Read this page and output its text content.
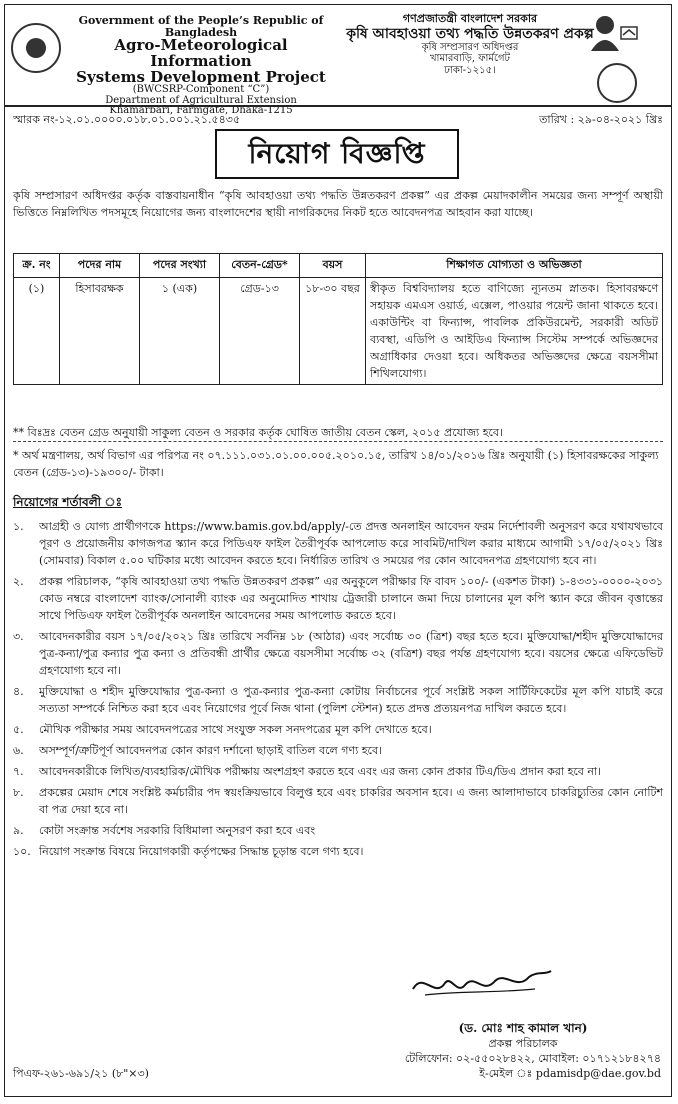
Government of the People’s Republic of Bangladesh
Agro-Meteorological Information
Systems Development Project
(BWCSRP-Component “C”)
Department of Agricultural Extension
Khamarbari, Farmgate, Dhaka-1215
গণপ্রজাতন্ত্রী বাংলাদেশ সরকার
কৃষি আবহাওয়া তথ্য পদ্ধতি উন্নতকরণ প্রকল্প
কৃষি সম্প্রসারণ অধিদপ্তর
খামারবাড়ি, ফার্মগেট
ঢাকা-১২১৫।
স্মারক নং-১২.০১.০০০০.০১৮.০১.০০১.২১.৫৪৩৫	তারিখ : ২৯-০৪-২০২১ খ্রিঃ
নিয়োগ বিজ্ঞপ্তি
কৃষি সম্প্রসারণ অধিদপ্তর কর্তৃক বাস্তবায়নাধীন “কৃষি আবহাওয়া তথ্য পদ্ধতি উন্নতকরণ প্রকল্প” এর প্রকল্প মেয়াদকালীন সময়ের জন্য সম্পূর্ণ অস্থায়ী ভিত্তিতে নিম্নলিখিত পদসমূহে নিয়োগের জন্য বাংলাদেশের স্থায়ী নাগরিকদের নিকট হতে আবেদনপত্র আহবান করা যাচ্ছে।
ক্র. নং	পদের নাম	পদের সংখ্যা	বেতন-গ্রেড*	বয়স	শিক্ষাগত যোগ্যতা ও অভিজ্ঞতা
(১)	হিসাবরক্ষক	১ (এক)	গ্রেড-১৩	১৮-৩০ বছর	স্বীকৃত বিশ্ববিদ্যালয় হতে বাণিজ্যে ন্যূনতম স্নাতক। হিসাবরক্ষণে সহায়ক এমএস ওয়ার্ড, এক্সেল, পাওয়ার পয়েন্ট জানা থাকতে হবে। একাউন্টিং বা ফিন্যান্স, পাবলিক প্রকিউরমেন্ট, সরকারী অডিট ব্যবস্থা, এডিপি ও আইডিএ ফিন্যান্স সিস্টেম সম্পর্কে অভিজ্ঞদের অগ্রাধিকার দেওয়া হবে। অধিকতর অভিজ্ঞদের ক্ষেত্রে বয়সসীমা শিথিলযোগ্য।
** বিঃদ্রঃ বেতন গ্রেড অনুযায়ী সাকুল্য বেতন ও সরকার কর্তৃক ঘোষিত জাতীয় বেতন স্কেল, ২০১৫ প্রযোজ্য হবে।
* অর্থ মন্ত্রণালয়, অর্থ বিভাগ এর পরিপত্র নং ০৭.১১১.০৩১.০১.০০.০০৫.২০১০.১৫, তারিখ ১৪/০১/২০১৬ খ্রিঃ অনুযায়ী (১) হিসাবরক্ষকের সাকুল্য বেতন (গ্রেড-১৩)-১৯৩০০/- টাকা।
নিয়োগের শর্তাবলী ঃ
১.	আগ্রহী ও যোগ্য প্রার্থীগণকে https://www.bamis.gov.bd/apply/-তে প্রদত্ত অনলাইন আবেদন ফরম নির্দেশাবলী অনুসরণ করে যথাযথভাবে পূরণ ও প্রয়োজনীয় কাগজপত্র স্ক্যান করে পিডিএফ ফাইল তৈরীপূর্বক আপলোড করে সাবমিট/দাখিল করার মাধ্যমে আগামী ১৭/০৫/২০২১ খ্রিঃ (সোমবার) বিকাল ৫.০০ ঘটিকার মধ্যে আবেদন করতে হবে। নির্ধারিত তারিখ ও সময়ের পর কোন আবেদনপত্র গ্রহণযোগ্য হবে না।
২.	প্রকল্প পরিচালক, “কৃষি আবহাওয়া তথ্য পদ্ধতি উন্নতকরণ প্রকল্প” এর অনুকূলে পরীক্ষার ফি বাবদ ১০০/- (একশত টাকা) ১-৪৩৩১-০০০০-২০৩১ কোড নম্বরে বাংলাদেশ ব্যাংক/সোনালী ব্যাংক এর অনুমোদিত শাখায় ট্রেজারী চালানে জমা দিয়ে চালানের মূল কপি স্ক্যান করে জীবন বৃত্তান্তের সাথে পিডিএফ ফাইল তৈরীপূর্বক অনলাইন আবেদনের সময় আপলোড করতে হবে।
৩.	আবেদনকারীর বয়স ১৭/০৫/২০২১ খ্রিঃ তারিখে সর্বনিম্ন ১৮ (আঠার) এবং সর্বোচ্চ ৩০ (ত্রিশ) বছর হতে হবে। মুক্তিযোদ্ধা/শহীদ মুক্তিযোদ্ধাদের পুত্র-কন্যা/পুত্র কন্যার পুত্র কন্যা ও প্রতিবন্ধী প্রার্থীর ক্ষেত্রে বয়সসীমা সর্বোচ্চ ৩২ (বত্রিশ) বছর পর্যন্ত গ্রহণযোগ্য হবে। বয়সের ক্ষেত্রে এফিডেভিট গ্রহণযোগ্য হবে না।
৪.	মুক্তিযোদ্ধা ও শহীদ মুক্তিযোদ্ধার পুত্র-কন্যা ও পুত্র-কন্যার পুত্র-কন্যা কোটায় নির্বাচনের পূর্বে সংশ্লিষ্ট সকল সার্টিফিকেটের মূল কপি যাচাই করে সত্যতা সম্পর্কে নিশ্চিত করা হবে এবং নিয়োগের পূর্বে নিজ থানা (পুলিশ স্টেশন) হতে প্রদত্ত প্রত্যয়নপত্র দাখিল করতে হবে।
৫.	মৌখিক পরীক্ষার সময় আবেদনপত্রের সাথে সংযুক্ত সকল সনদপত্রের মূল কপি দেখাতে হবে।
৬.	অসম্পূর্ণ/ত্রুটিপূর্ণ আবেদনপত্র কোন কারণ দর্শানো ছাড়াই বাতিল বলে গণ্য হবে।
৭.	আবেদনকারীকে লিখিত/ব্যবহারিক/মৌখিক পরীক্ষায় অংশগ্রহণ করতে হবে এবং এর জন্য কোন প্রকার টিএ/ডিএ প্রদান করা হবে না।
৮.	প্রকল্পের মেয়াদ শেষে সংশ্লিষ্ট কর্মচারীর পদ স্বয়ংক্রিয়ভাবে বিলুপ্ত হবে এবং চাকরির অবসান হবে। এ জন্য আলাদাভাবে চাকরিচ্যুতির কোন নোটিশ বা পত্র দেয়া হবে না।
৯.	কোটা সংক্রান্ত সর্বশেষ সরকারি বিধিমালা অনুসরণ করা হবে এবং
১০. নিয়োগ সংক্রান্ত বিষয়ে নিয়োগকারী কর্তৃপক্ষের সিদ্ধান্ত চূড়ান্ত বলে গণ্য হবে।
(ড. মোঃ শাহ কামাল খান)
প্রকল্প পরিচালক
টেলিফোন: ০২-৫৫০২৮৪২২, মোবাইল: ০১৭১২১৮৪২৭৪
ই-মেইল ঃ pdamisdp@dae.gov.bd
পিএফ-২৬১-৬৯১/২১ (৮"×৩)
